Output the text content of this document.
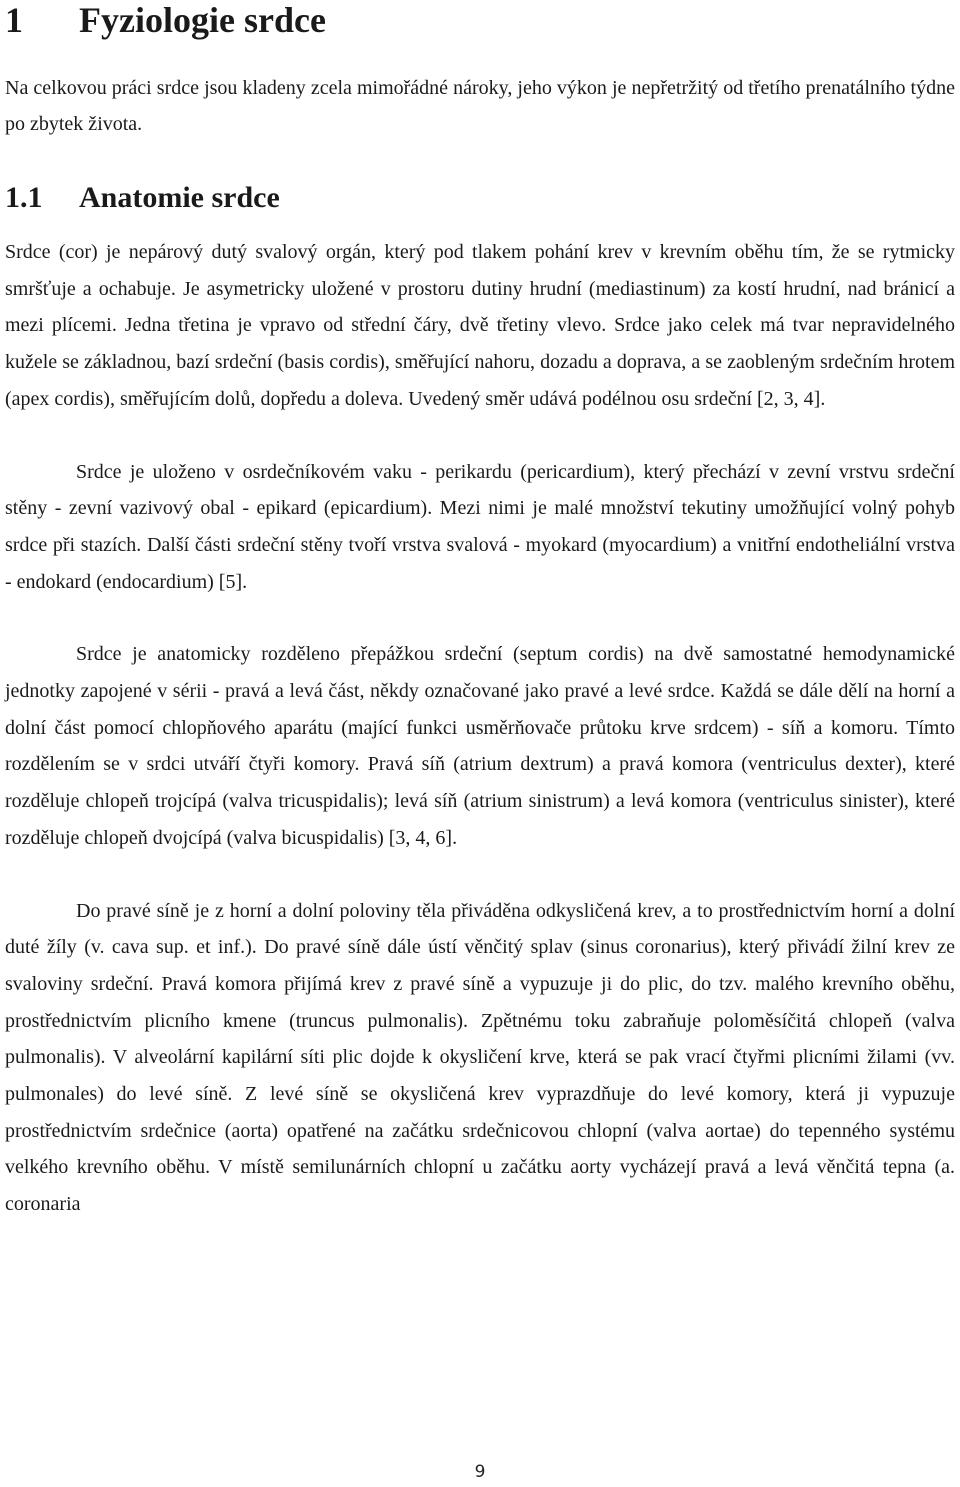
1 Fyziologie srdce

Na celkovou práci srdce jsou kladeny zcela mimořádné nároky, jeho výkon je nepřetržitý od třetího prenatálního týdne po zbytek života.

1.1 Anatomie srdce

Srdce (cor) je nepárový dutý svalový orgán, který pod tlakem pohání krev v krevním oběhu tím, že se rytmicky smršťuje a ochabuje. Je asymetricky uložené v prostoru dutiny hrudní (mediastinum) za kostí hrudní, nad bránicí a mezi plícemi. Jedna třetina je vpravo od střední čáry, dvě třetiny vlevo. Srdce jako celek má tvar nepravidelného kužele se základnou, bazí srdeční (basis cordis), směřující nahoru, dozadu a doprava, a se zaobleným srdečním hrotem (apex cordis), směřujícím dolů, dopředu a doleva. Uvedený směr udává podélnou osu srdeční [2, 3, 4].

Srdce je uloženo v osrdečníkovém vaku - perikardu (pericardium), který přechází v zevní vrstvu srdeční stěny - zevní vazivový obal - epikard (epicardium). Mezi nimi je malé množství tekutiny umožňující volný pohyb srdce při stazích. Další části srdeční stěny tvoří vrstva svalová - myokard (myocardium) a vnitřní endotheliální vrstva - endokard (endocardium) [5].

Srdce je anatomicky rozděleno přepážkou srdeční (septum cordis) na dvě samostatné hemodynamické jednotky zapojené v sérii - pravá a levá část, někdy označované jako pravé a levé srdce. Každá se dále dělí na horní a dolní část pomocí chlopňového aparátu (mající funkci usměrňovače průtoku krve srdcem) - síň a komoru. Tímto rozdělením se v srdci utváří čtyři komory. Pravá síň (atrium dextrum) a pravá komora (ventriculus dexter), které rozděluje chlopeň trojcípá (valva tricuspidalis); levá síň (atrium sinistrum) a levá komora (ventriculus sinister), které rozděluje chlopeň dvojcípá (valva bicuspidalis) [3, 4, 6].

Do pravé síně je z horní a dolní poloviny těla přiváděna odkysličená krev, a to prostřednictvím horní a dolní duté žíly (v. cava sup. et inf.). Do pravé síně dále ústí věnčitý splav (sinus coronarius), který přivádí žilní krev ze svaloviny srdeční. Pravá komora přijímá krev z pravé síně a vypuzuje ji do plic, do tzv. malého krevního oběhu, prostřednictvím plicního kmene (truncus pulmonalis). Zpětnému toku zabraňuje poloměsíčitá chlopeň (valva pulmonalis). V alveolární kapilární síti plic dojde k okysličení krve, která se pak vrací čtyřmi plicními žilami (vv. pulmonales) do levé síně. Z levé síně se okysličená krev vyprazdňuje do levé komory, která ji vypuzuje prostřednictvím srdečnice (aorta) opatřené na začátku srdečnicovou chlopní (valva aortae) do tepenného systému velkého krevního oběhu. V místě semilunárních chlopní u začátku aorty vycházejí pravá a levá věnčitá tepna (a. coronaria

9
